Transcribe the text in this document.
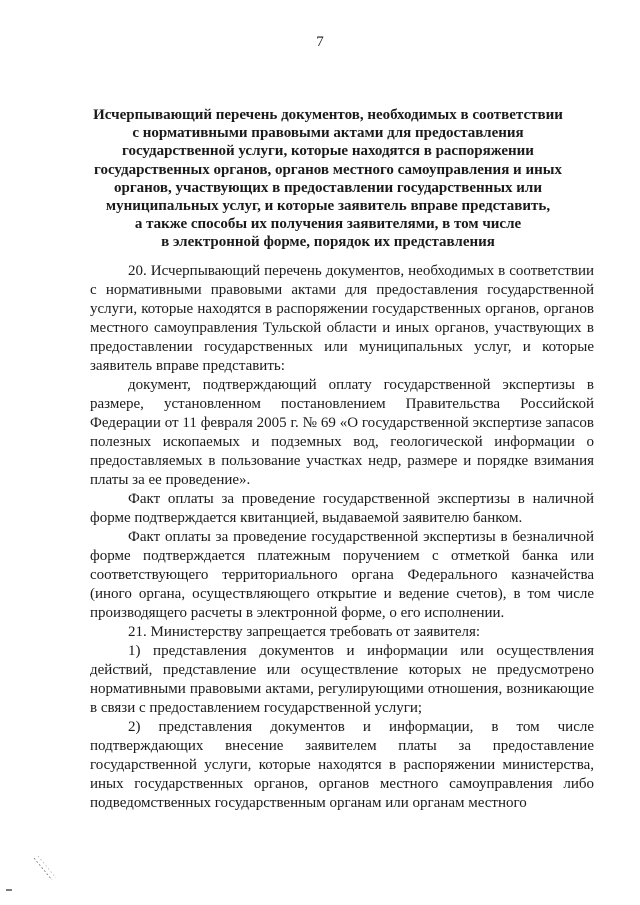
7
Исчерпывающий перечень документов, необходимых в соответствии
с нормативными правовыми актами для предоставления
государственной услуги, которые находятся в распоряжении
государственных органов, органов местного самоуправления и иных
органов, участвующих в предоставлении государственных или
муниципальных услуг, и которые заявитель вправе представить,
а также способы их получения заявителями, в том числе
в электронной форме, порядок их представления

20. Исчерпывающий перечень документов, необходимых в соответствии с нормативными правовыми актами для предоставления государственной услуги, которые находятся в распоряжении государственных органов, органов местного самоуправления Тульской области и иных органов, участвующих в предоставлении государственных или муниципальных услуг, и которые заявитель вправе представить:

документ, подтверждающий оплату государственной экспертизы в размере, установленном постановлением Правительства Российской Федерации от 11 февраля 2005 г. № 69 «О государственной экспертизе запасов полезных ископаемых и подземных вод, геологической информации о предоставляемых в пользование участках недр, размере и порядке взимания платы за ее проведение».

Факт оплаты за проведение государственной экспертизы в наличной форме подтверждается квитанцией, выдаваемой заявителю банком.

Факт оплаты за проведение государственной экспертизы в безналичной форме подтверждается платежным поручением с отметкой банка или соответствующего территориального органа Федерального казначейства (иного органа, осуществляющего открытие и ведение счетов), в том числе производящего расчеты в электронной форме, о его исполнении.

21. Министерству запрещается требовать от заявителя:

1) представления документов и информации или осуществления действий, представление или осуществление которых не предусмотрено нормативными правовыми актами, регулирующими отношения, возникающие в связи с предоставлением государственной услуги;

2) представления документов и информации, в том числе подтверждающих внесение заявителем платы за предоставление государственной услуги, которые находятся в распоряжении министерства, иных государственных органов, органов местного самоуправления либо подведомственных государственным органам или органам местного
